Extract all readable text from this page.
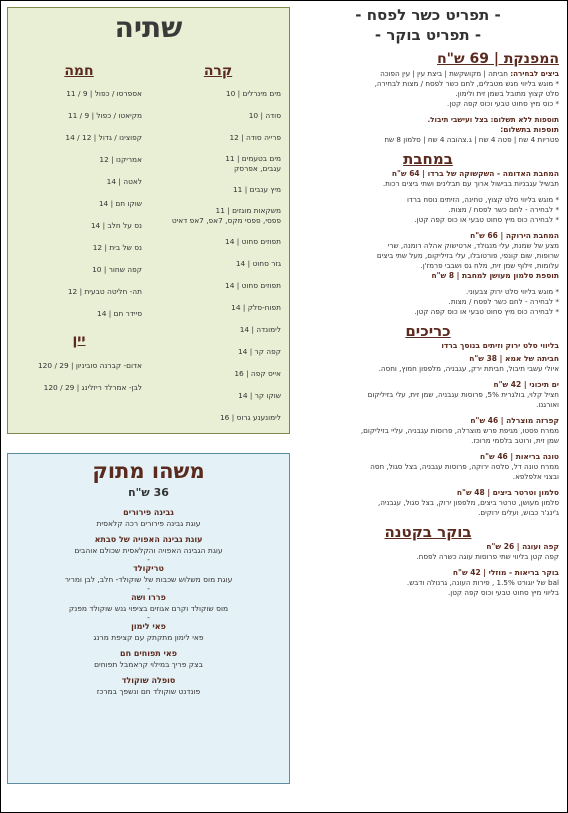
- תפריט כשר לפסח -
- תפריט בוקר -
המפנקת | 69 ש"ח

ביצים לבחירה: חביתה | מקושקשת | ביצת עין | עין הפוכה

* מוגש בליווי מגש מטבלים, לחם כשר לפסח / מצות לבחירה,

סלט קצוץ מתובל בשמן זית ולימון.

* כוס מיץ סחוט טבעי וכוס קפה קטן.

תוספות ללא תשלום: בצל ועישבי תיבול.

תוספות בתשלום:

פטריות 4 שח | פטה 4 שח | ג.צהובה 4 שח | סלמון 8 שח

במחבת

המחבת האדומה - השקשוקה של ברדו | 64 ש"ח

תבשיל עגבניות בבישול ארוך עם תבלינים ושתי ביצים רכות.

* מוגש בליווי סלט קצוץ, טחינה, הזיתים נוסח ברדו

* לבחירה - לחם כשר לפסח / מצות.

* לבחירה כוס מיץ סחוט טבעי או כוס קפה קטן.

המחבת הירוקה | 66 ש"ח

מצע של שמנת, עלי מנגולד, ארטישוק אהלה רומנה, שרי

שרופות, שום קונפי, פורטובלו, עלי בזיליקום, מעל שתי ביצים

עלומות, זילוף שמן זית, מלח גס ושבבי פרמז'ן.

תוספת סלמון מעושן למחבת | 8 ש"ח

* מוגש בליווי סלט ירוק צבעוני.

* לבחירה - לחם כשר לפסח / מצות.

* לבחירה כוס מיץ סחוט טבעי או כוס קפה קטן.

כריכים

בליווי סלט ירוק וזיתים בנוסך ברדו

חביתה של אמא | 38 ש"ח

איולי עשבי תיבול, חביתת ירק, עגבניה, מלפפון חמוץ, וחסה.

ים תיכוני | 42 ש"ח

חציל קלוי, בולגרית 5%, פרוסות עגבניה, שמן זית, עלי בזיליקום

ואורגנו.

קפרזה מוצרלה | 46 ש"ח

ממרח פסטו, מגיפת פרש מוצרלה, פרוסות עגבניה, עליי בזיליקום,

שמן זית, ורוטב בלסמי מרוכז.

טונה בריאות | 46 ש"ח

ממרח טונה דל, סלסה ירוקה, פרוסות עגבניה, בצל סגול, חסה

ובצני אלפלפא.

סלמון וטרטר ביצים | 48 ש"ח

סלמון מעושן, טרטר ביצים, מלפפון ירוק, בצל סגול, עגבניה,

ג'ינג'ר כבוש, ועלים ירוקים.

בוקר בקטנה

קפה ועוגה | 26 ש"ח

קפה קטן בליווי שתי פרוסות עוגה כשרה לפסח.

בוקר בריאות - מוזלי | 42 ש"ח

bal של יוגורט 1.5% , פירות העונה, גרנולה ודבש.

בליווי מיץ סחוט טבעי וכוס קפה קטן.

שתיה
קרה

מים מינרלים | 10

סודה | 10

פרייה סודה | 12

מים בטעמים | 11
עגבים, אפרסק

מיץ ענבים | 11

משקאות מוגזים | 11
פפסי, פפסי מקס, 7אפ, 7אפ דאיט

תפוזים סחוט | 14

גזר סחוט | 14

תפוזים סחוט | 14

תפוח-סלק | 14

לימונדה | 14

קפה קר | 14

אייס קפה | 16

שוקו קר | 14

לימונענע גרוס | 16

חמה

אספרסו / כפול | 9 / 11

מקיאטו / כפול | 9 / 11

קפוצינו / גדול | 12 / 14

אמריקנו | 12

לאטה | 14

שוקו חם | 14

נס על חלב | 14

נס של בית | 12

קפה שחור | 10

תה- חליטה טבעית | 12

סיידר חם | 14

יין

אדום- קברנה סוביניון | 29 / 120

לבן- אמרלד ריזלינג | 29 / 120

משהו מתוק
36 ש"ח

גבינה פירורים

עוגת גבינה פירורים רכה קלאסית

עוגת גבינה האפויה של סבתא

עוגת הגבינה האפויה והקלאסית שכולם אוהבים

-

טריקולד

עוגת מוס משלוש שכבות של שוקולד- חלב, לבן ומריר

-

פררו ושה

מוס שוקולד וקרם אגוזים בציפוי גנש שוקולד מפנק

-

פאי לימון

פאי לימון מתקתק עם קציפת מרנג

פאי תפוחים חם

בצק פריך במילוי קראמבל תפוחים

סופלה שוקולד

פונדנט שוקולד חם ונשפך במרכז
